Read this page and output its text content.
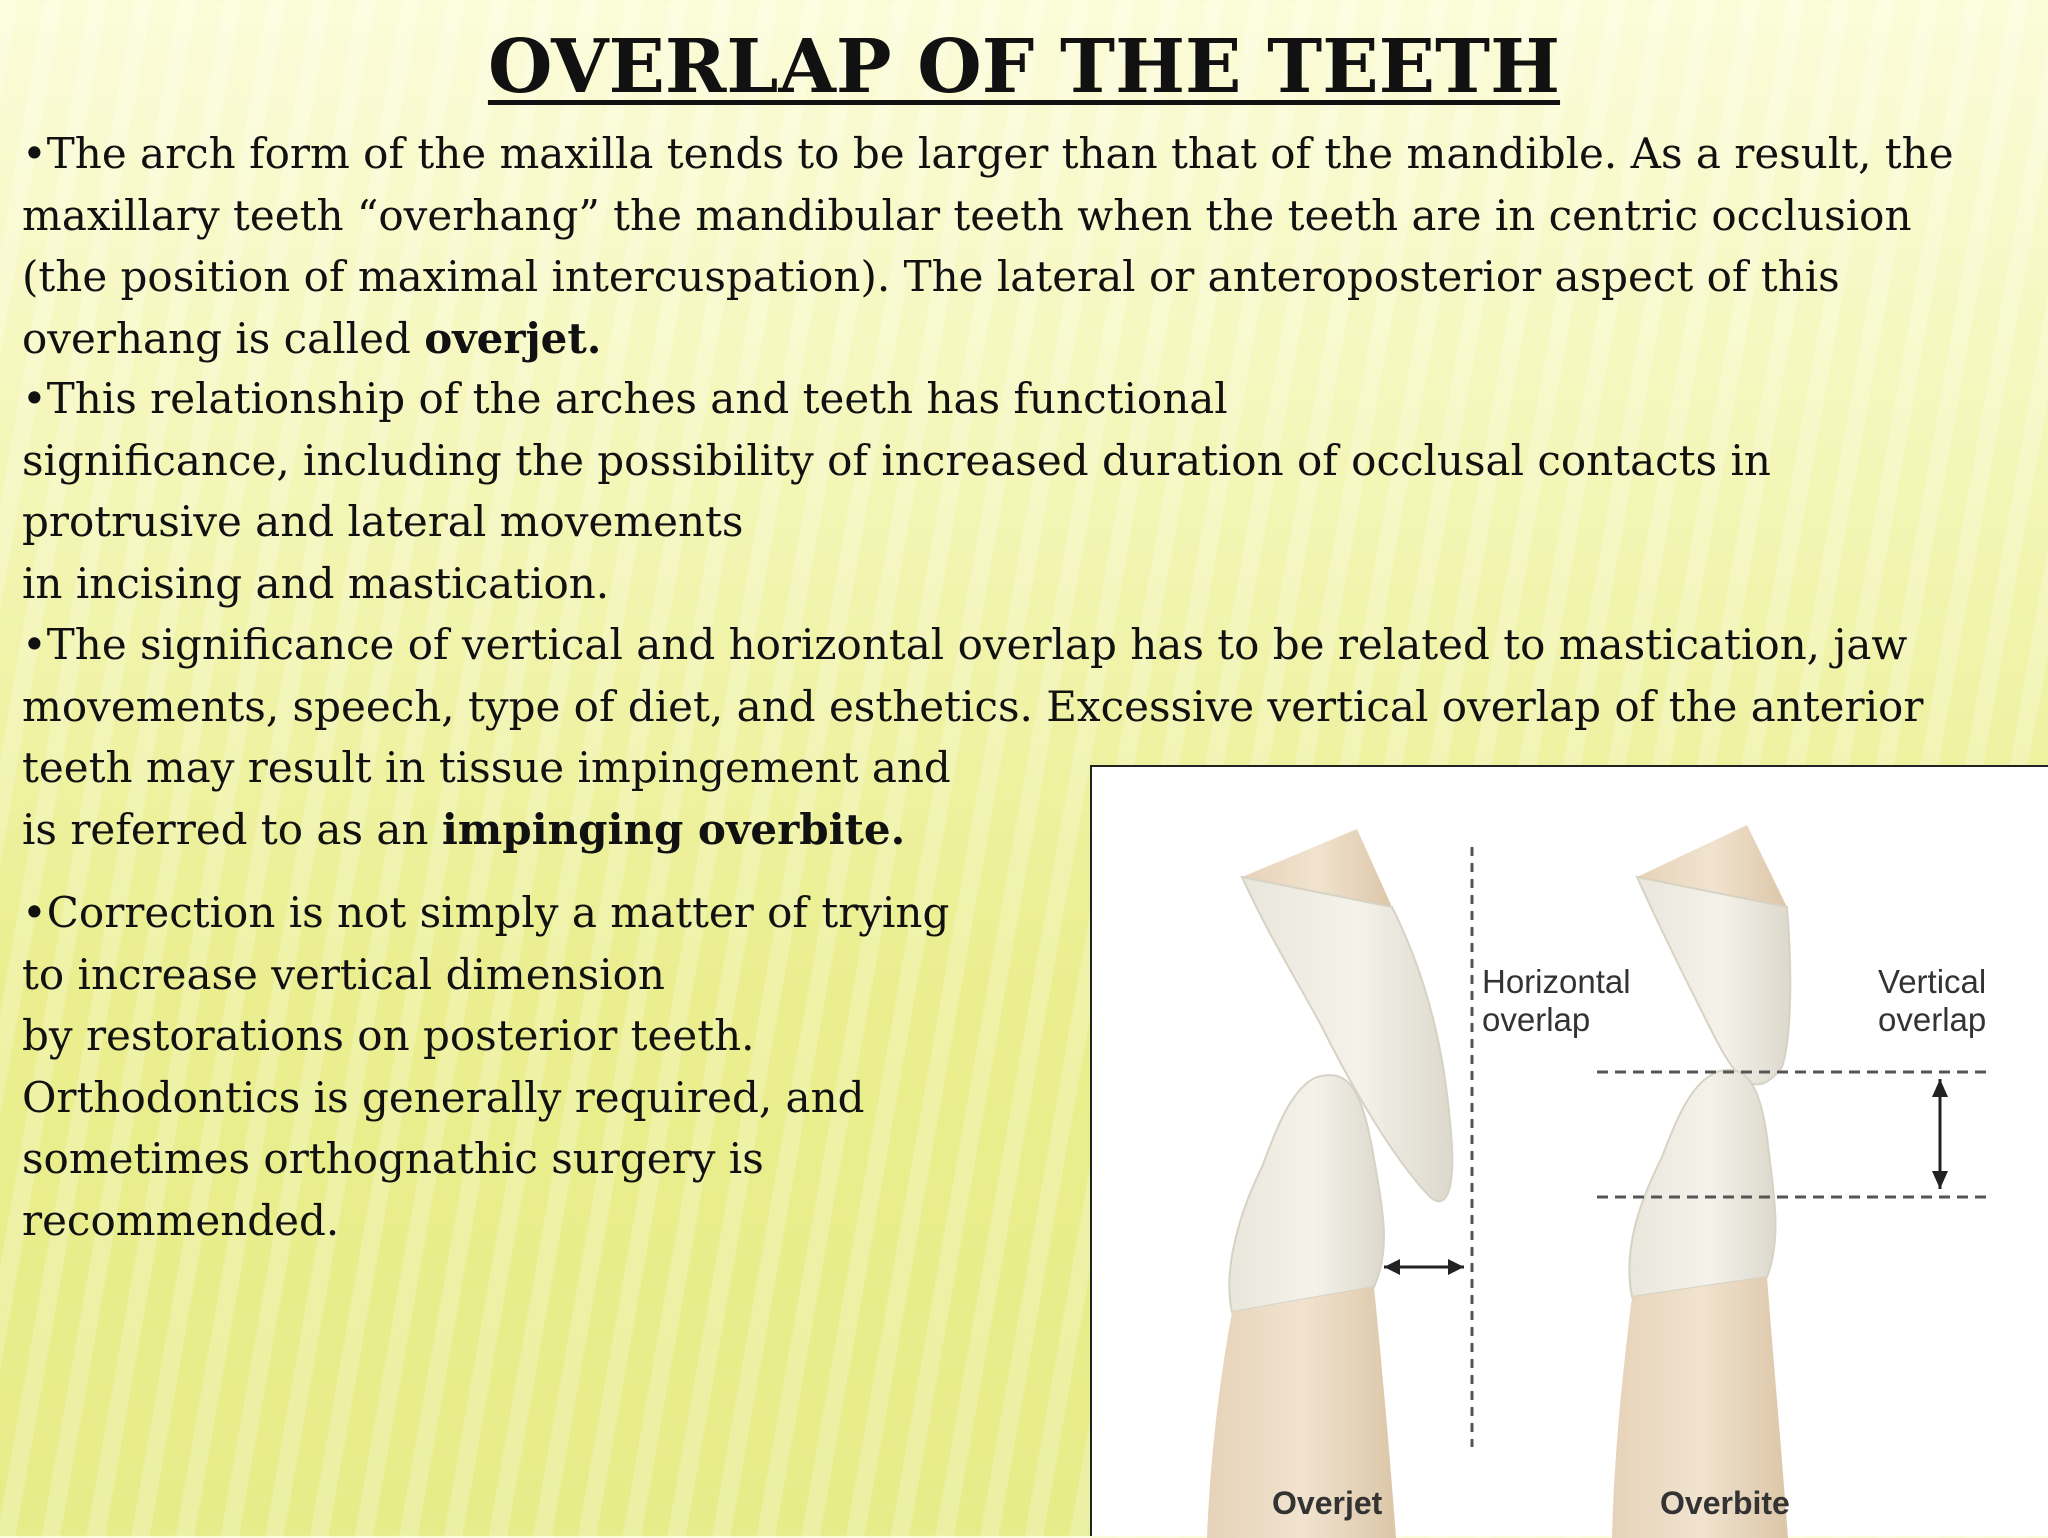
OVERLAP OF THE TEETH

•The arch form of the maxilla tends to be larger than that of the mandible. As a result, the
maxillary teeth “overhang” the mandibular teeth when the teeth are in centric occlusion
(the position of maximal intercuspation). The lateral or anteroposterior aspect of this
overhang is called overjet.

•This relationship of the arches and teeth has functional
significance, including the possibility of increased duration of occlusal contacts in
protrusive and lateral movements
in incising and mastication.

•The significance of vertical and horizontal overlap has to be related to mastication, jaw
movements, speech, type of diet, and esthetics. Excessive vertical overlap of the anterior
teeth may result in tissue impingement and
is referred to as an impinging overbite.

•Correction is not simply a matter of trying
to increase vertical dimension
by restorations on posterior teeth.
Orthodontics is generally required, and
sometimes orthognathic surgery is
recommended.

Horizontal
overlap
Vertical
overlap
Overjet	Overbite
